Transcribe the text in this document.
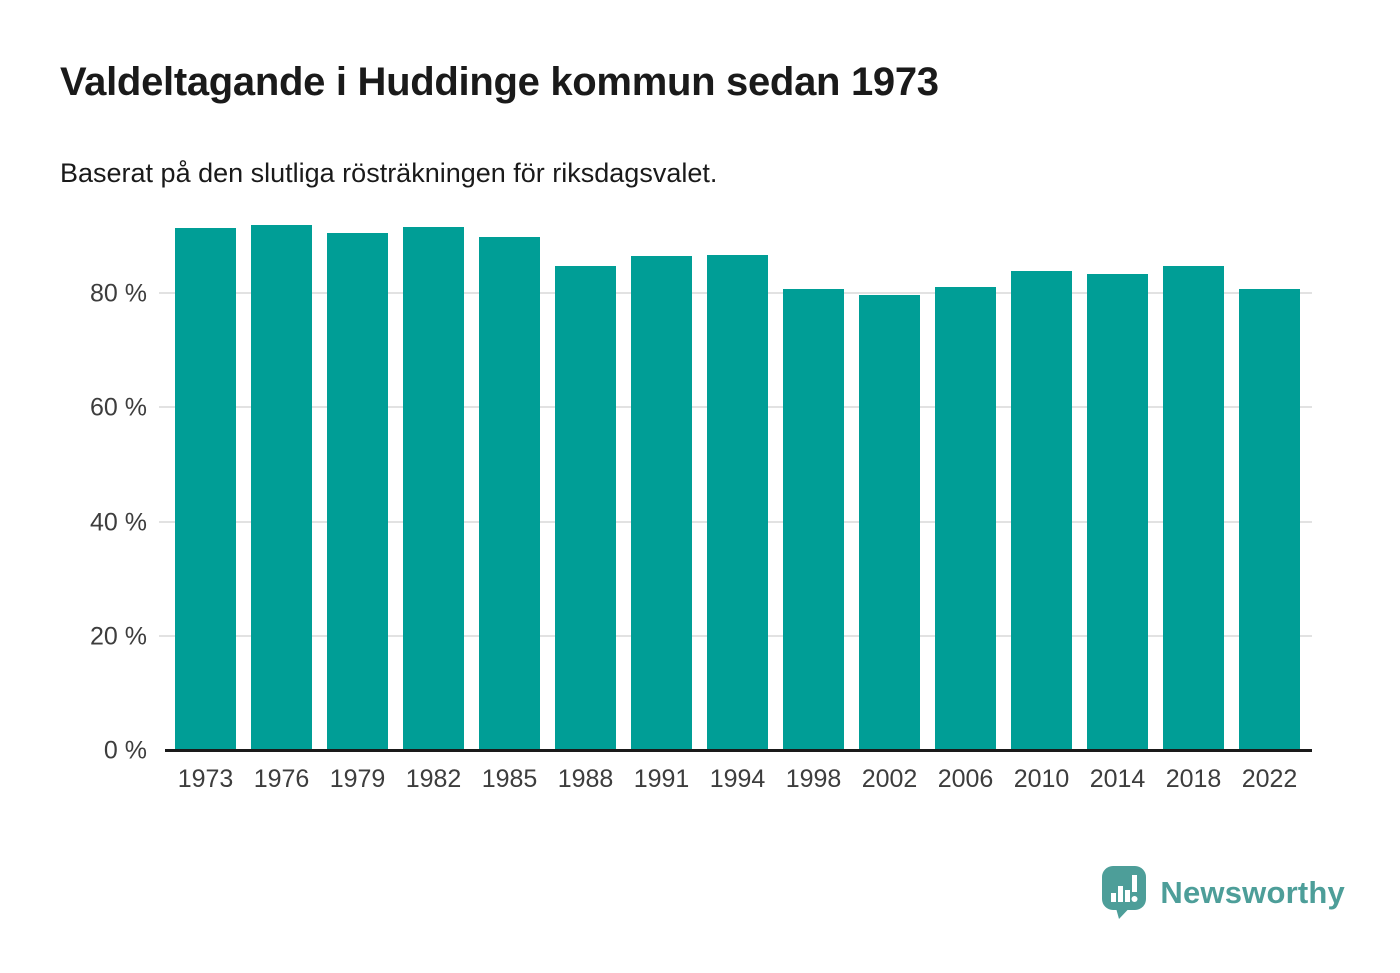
Valdeltagande i Huddinge kommun sedan 1973
Baserat på den slutliga rösträkningen för riksdagsvalet.
1973 1976 1979 1982 1985 1988 1991 1994 1998 2002 2006 2010 2014 2018 2022
0 %
20 %
40 %
60 %
80 %
Newsworthy
